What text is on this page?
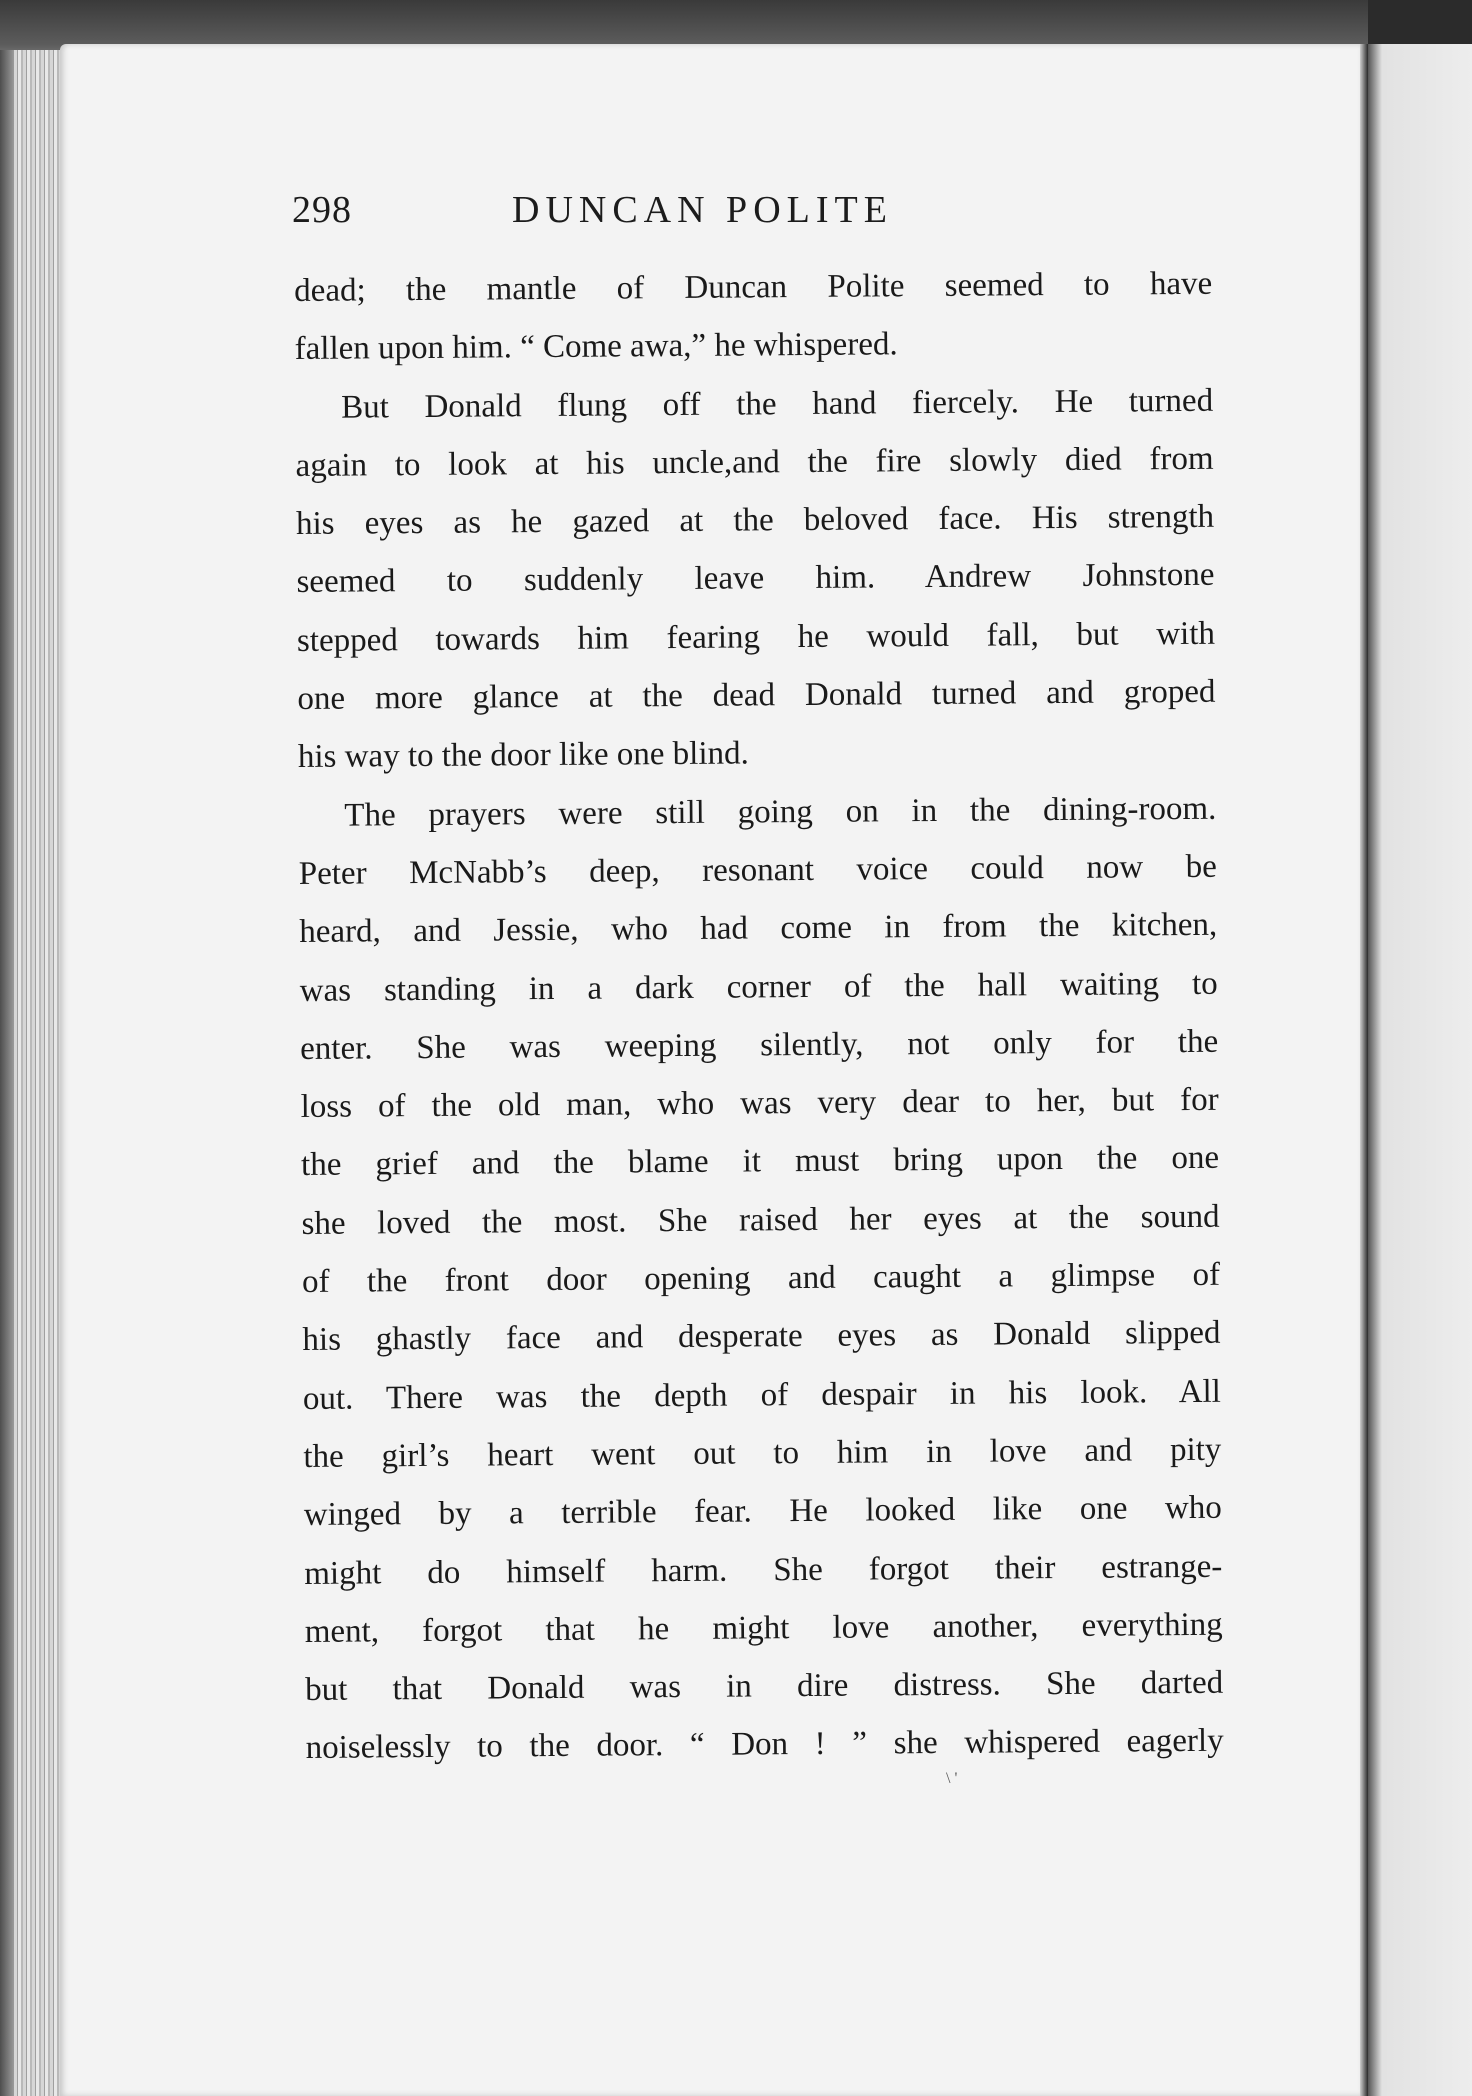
298	DUNCAN POLITE
dead; the mantle of Duncan Polite seemed to have
fallen upon him. “ Come awa,” he whispered.
But Donald flung off the hand fiercely. He turned
again to look at his uncle,and the fire slowly died from
his eyes as he gazed at the beloved face. His strength
seemed to suddenly leave him. Andrew Johnstone
stepped towards him fearing he would fall, but with
one more glance at the dead Donald turned and groped
his way to the door like one blind.
The prayers were still going on in the dining-room.
Peter McNabb’s deep, resonant voice could now be
heard, and Jessie, who had come in from the kitchen,
was standing in a dark corner of the hall waiting to
enter. She was weeping silently, not only for the
loss of the old man, who was very dear to her, but for
the grief and the blame it must bring upon the one
she loved the most. She raised her eyes at the sound
of the front door opening and caught a glimpse of
his ghastly face and desperate eyes as Donald slipped
out. There was the depth of despair in his look. All
the girl’s heart went out to him in love and pity
winged by a terrible fear. He looked like one who
might do himself harm. She forgot their estrange-
ment, forgot that he might love another, everything
but that Donald was in dire distress. She darted
noiselessly to the door. “ Don ! ” she whispered eagerly
\ '
